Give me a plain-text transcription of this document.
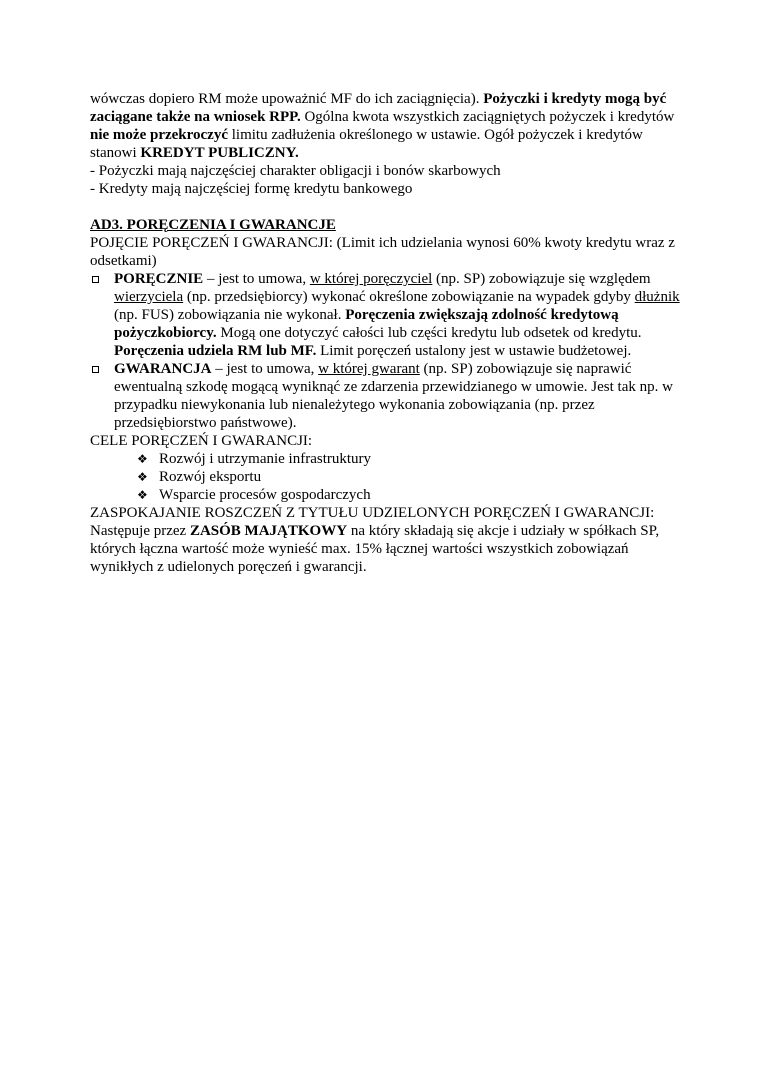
wówczas dopiero RM może upoważnić MF do ich zaciągnięcia). Pożyczki i kredyty mogą być zaciągane także na wniosek RPP. Ogólna kwota wszystkich zaciągniętych pożyczek i kredytów nie może przekroczyć limitu zadłużenia określonego w ustawie. Ogół pożyczek i kredytów stanowi KREDYT PUBLICZNY.

- Pożyczki mają najczęściej charakter obligacji i bonów skarbowych

- Kredyty mają najczęściej formę kredytu bankowego

AD3. PORĘCZENIA I GWARANCJE

POJĘCIE PORĘCZEŃ I GWARANCJI: (Limit ich udzielania wynosi 60% kwoty kredytu wraz z odsetkami)

PORĘCZNIE – jest to umowa, w której poręczyciel (np. SP) zobowiązuje się względem wierzyciela (np. przedsiębiorcy) wykonać określone zobowiązanie na wypadek gdyby dłużnik (np. FUS) zobowiązania nie wykonał. Poręczenia zwiększają zdolność kredytową pożyczkobiorcy. Mogą one dotyczyć całości lub części kredytu lub odsetek od kredytu. Poręczenia udziela RM lub MF. Limit poręczeń ustalony jest w ustawie budżetowej.
GWARANCJA – jest to umowa, w której gwarant (np. SP) zobowiązuje się naprawić ewentualną szkodę mogącą wyniknąć ze zdarzenia przewidzianego w umowie. Jest tak np. w przypadku niewykonania lub nienależytego wykonania zobowiązania (np. przez przedsiębiorstwo państwowe).

CELE PORĘCZEŃ I GWARANCJI:

❖ Rozwój i utrzymanie infrastruktury
❖ Rozwój eksportu
❖ Wsparcie procesów gospodarczych

ZASPOKAJANIE ROSZCZEŃ Z TYTUŁU UDZIELONYCH PORĘCZEŃ I GWARANCJI:

Następuje przez ZASÓB MAJĄTKOWY na który składają się akcje i udziały w spółkach SP, których łączna wartość może wynieść max. 15% łącznej wartości wszystkich zobowiązań wynikłych z udielonych poręczeń i gwarancji.
